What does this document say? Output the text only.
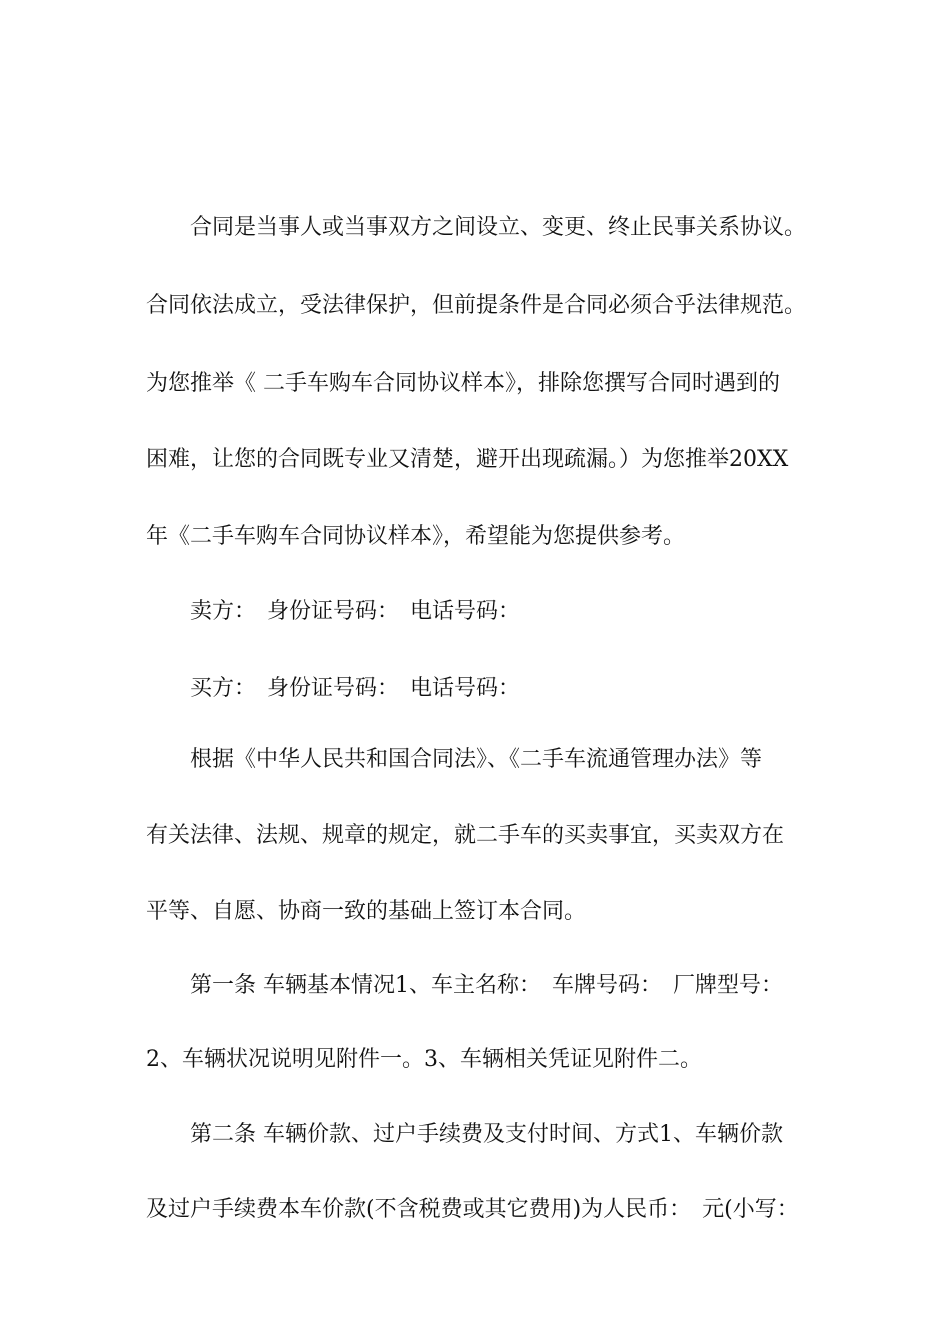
合同是当事人或当事双方之间设立、变更、终止民事关系协议。
合同依法成立，受法律保护，但前提条件是合同必须合乎法律规范。
为您推举《 二手车购车合同协议样本》，排除您撰写合同时遇到的
困难，让您的合同既专业又清楚，避开出现疏漏。）为您推举20XX
年《二手车购车合同协议样本》，希望能为您提供参考。
卖方：　身份证号码：　电话号码：
买方：　身份证号码：　电话号码：
根据《中华人民共和国合同法》、《二手车流通管理办法》等
有关法律、法规、规章的规定，就二手车的买卖事宜，买卖双方在
平等、自愿、协商一致的基础上签订本合同。
第一条 车辆基本情况1、车主名称：　车牌号码：　厂牌型号：
2、车辆状况说明见附件一。3、车辆相关凭证见附件二。
第二条 车辆价款、过户手续费及支付时间、方式1、车辆价款
及过户手续费本车价款(不含税费或其它费用)为人民币：　元(小写：
